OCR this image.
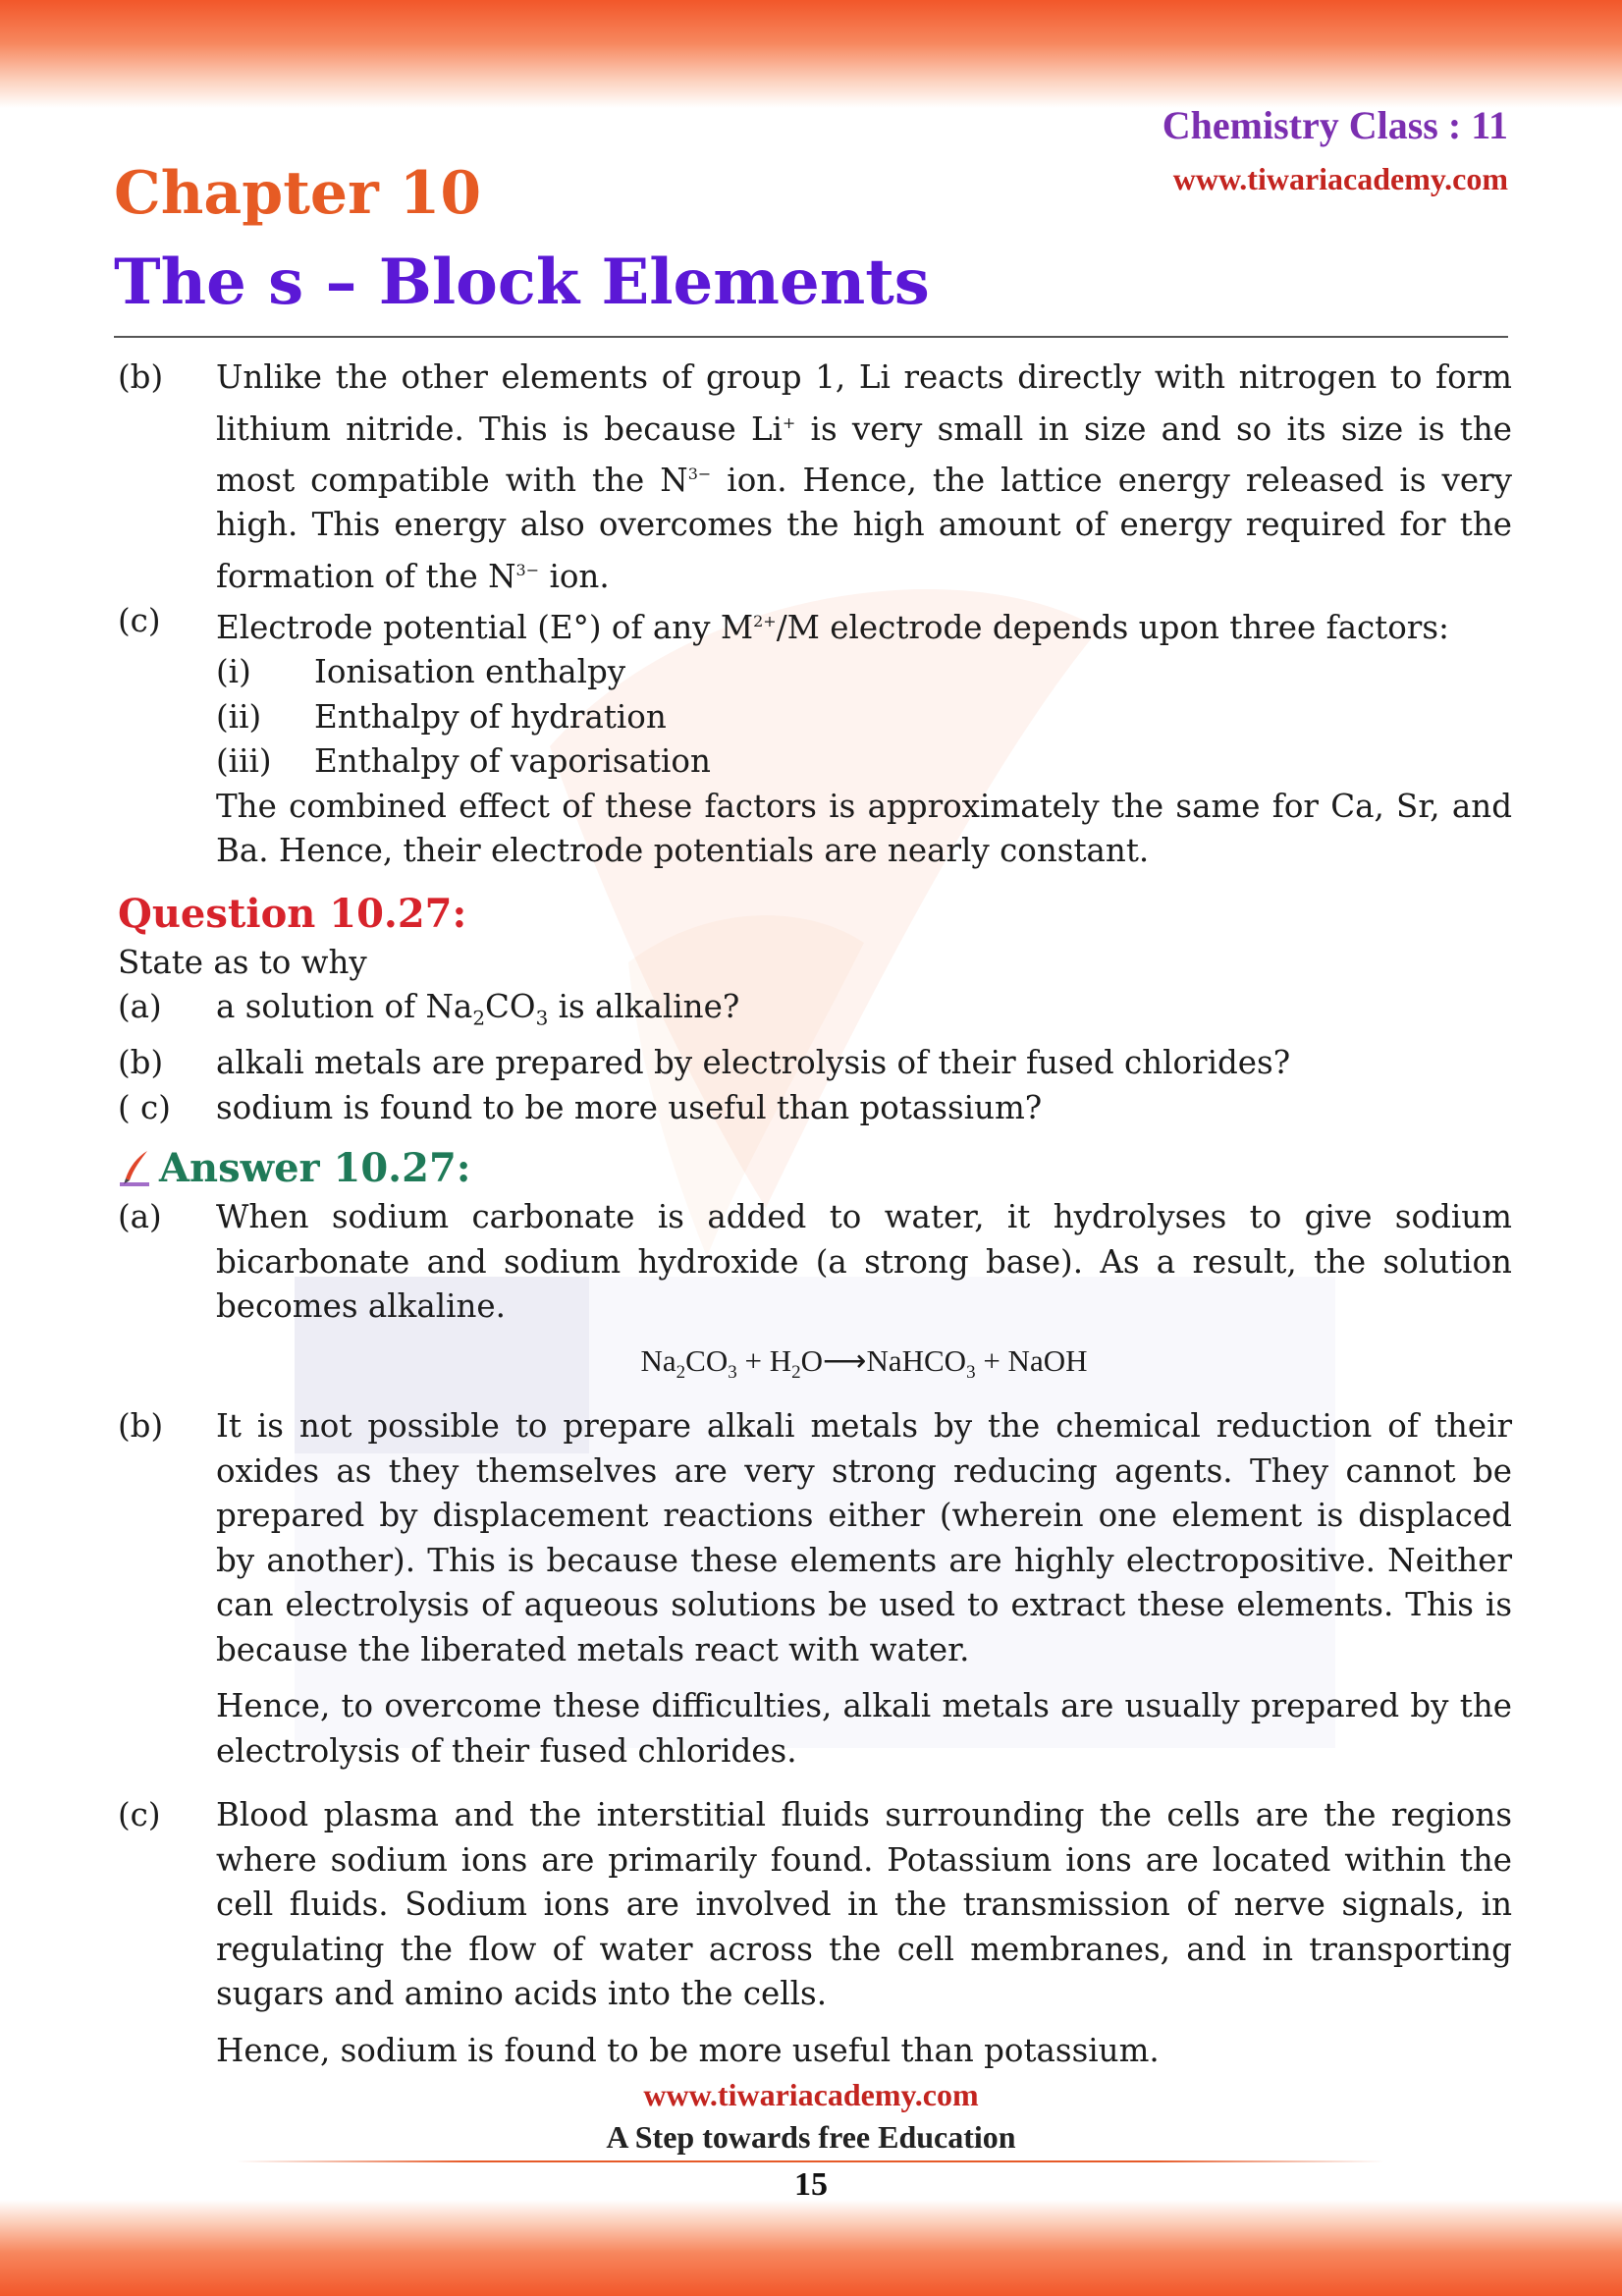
Chemistry Class : 11
www.tiwariacademy.com
Chapter 10
The s – Block Elements
(b)	Unlike the other elements of group 1, Li reacts directly with nitrogen to form lithium nitride. This is because Li+ is very small in size and so its size is the most compatible with the $N^{3-}$ ion. Hence, the lattice energy released is very high. This energy also overcomes the high amount of energy required for the formation of the $N^{3-}$ ion.
(c)	Electrode potential (E°) of any $M^{2+}/M$ electrode depends upon three factors:
(i)	Ionisation enthalpy
(ii)	Enthalpy of hydration
(iii)	Enthalpy of vaporisation
The combined effect of these factors is approximately the same for Ca, Sr, and Ba. Hence, their electrode potentials are nearly constant.
Question 10.27:
State as to why
(a)	a solution of $Na_2CO_3$ is alkaline?
(b)	alkali metals are prepared by electrolysis of their fused chlorides?
( c)	sodium is found to be more useful than potassium?
Answer 10.27:
(a)	When sodium carbonate is added to water, it hydrolyses to give sodium bicarbonate and sodium hydroxide (a strong base). As a result, the solution becomes alkaline.
$Na_2CO_3$ + $H_2O⟶NaHCO_3$ + NaOH
(b)	It is not possible to prepare alkali metals by the chemical reduction of their oxides as they themselves are very strong reducing agents. They cannot be prepared by displacement reactions either (wherein one element is displaced by another). This is because these elements are highly electropositive. Neither can electrolysis of aqueous solutions be used to extract these elements. This is because the liberated metals react with water.
Hence, to overcome these difficulties, alkali metals are usually prepared by the electrolysis of their fused chlorides.
(c)	Blood plasma and the interstitial fluids surrounding the cells are the regions where sodium ions are primarily found. Potassium ions are located within the cell fluids. Sodium ions are involved in the transmission of nerve signals, in regulating the flow of water across the cell membranes, and in transporting sugars and amino acids into the cells.
Hence, sodium is found to be more useful than potassium.
www.tiwariacademy.com
A Step towards free Education
15
